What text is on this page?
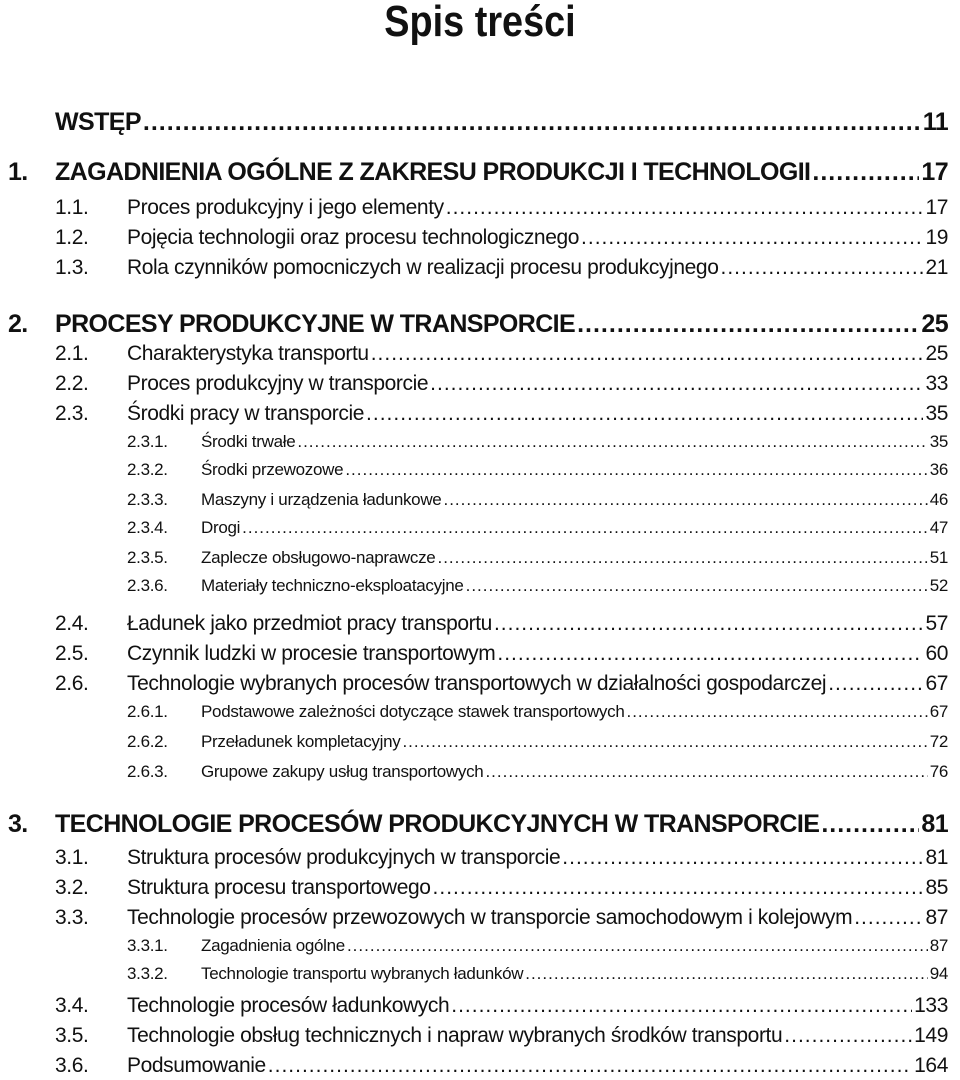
Spis treści
WSTĘP .....	11
1.	ZAGADNIENIA OGÓLNE Z ZAKRESU PRODUKCJI I TECHNOLOGII .....	17
1.1.	Proces produkcyjny i jego elementy .....	17
1.2.	Pojęcia technologii oraz procesu technologicznego .....	19
1.3.	Rola czynników pomocniczych w realizacji procesu produkcyjnego .....	21
2.	PROCESY PRODUKCYJNE W TRANSPORCIE .....	25
2.1.	Charakterystyka transportu .....	25
2.2.	Proces produkcyjny w transporcie .....	33
2.3.	Środki pracy w transporcie .....	35
2.3.1.	Środki trwałe .....	35
2.3.2.	Środki przewozowe .....	36
2.3.3.	Maszyny i urządzenia ładunkowe .....	46
2.3.4.	Drogi .....	47
2.3.5.	Zaplecze obsługowo-naprawcze .....	51
2.3.6.	Materiały techniczno-eksploatacyjne .....	52
2.4.	Ładunek jako przedmiot pracy transportu .....	57
2.5.	Czynnik ludzki w procesie transportowym .....	60
2.6.	Technologie wybranych procesów transportowych w działalności gospodarczej .....	67
2.6.1.	Podstawowe zależności dotyczące stawek transportowych .....	67
2.6.2.	Przeładunek kompletacyjny .....	72
2.6.3.	Grupowe zakupy usług transportowych .....	76
3.	TECHNOLOGIE PROCESÓW PRODUKCYJNYCH W TRANSPORCIE .....	81
3.1.	Struktura procesów produkcyjnych w transporcie .....	81
3.2.	Struktura procesu transportowego .....	85
3.3.	Technologie procesów przewozowych w transporcie samochodowym i kolejowym .....	87
3.3.1.	Zagadnienia ogólne .....	87
3.3.2.	Technologie transportu wybranych ładunków .....	94
3.4.	Technologie procesów ładunkowych .....	133
3.5.	Technologie obsług technicznych i napraw wybranych środków transportu .....	149
3.6.	Podsumowanie .....	164
